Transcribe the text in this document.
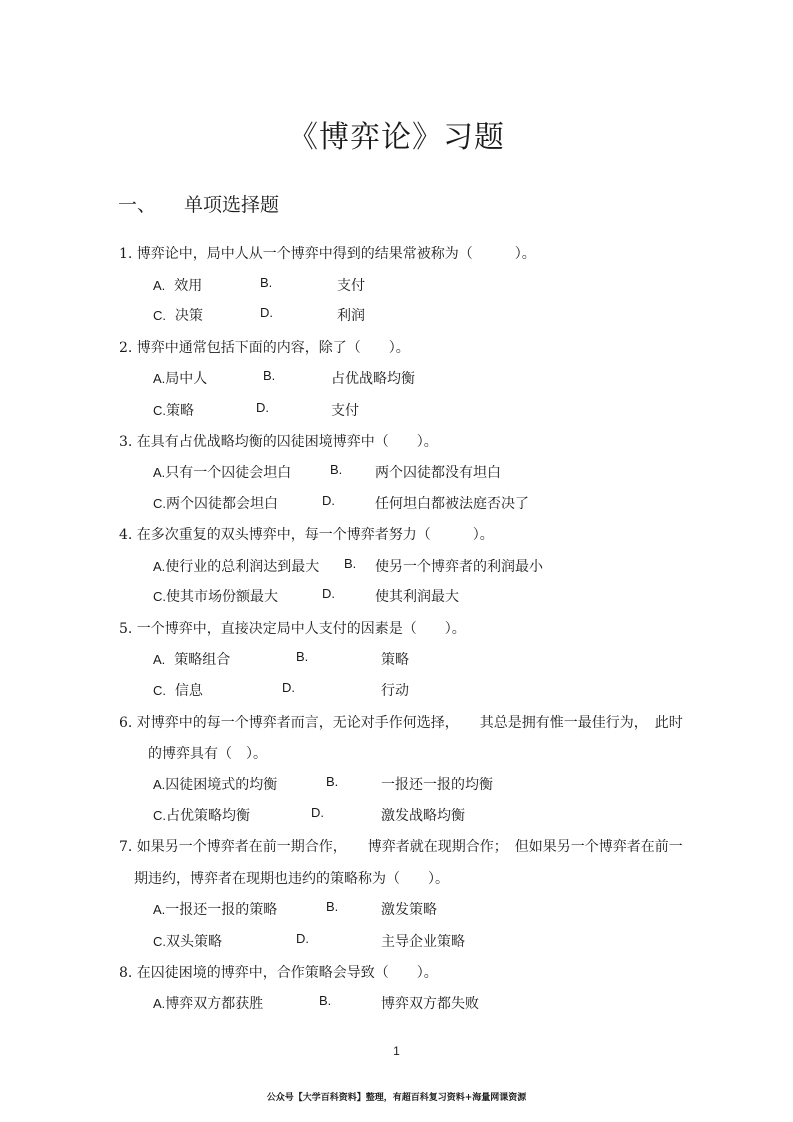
《博弈论》习题
一、 单项选择题
1. 博弈论中，局中人从一个博弈中得到的结果常被称为（　　　）。
A. 效用	B.	支付
C. 决策	D.	利润
2. 博弈中通常包括下面的内容，除了（　　）。
A.局中人	B.	占优战略均衡
C.策略	D.	支付
3. 在具有占优战略均衡的囚徒困境博弈中（　　）。
A.只有一个囚徒会坦白	B. 两个囚徒都没有坦白
C.两个囚徒都会坦白	D.	任何坦白都被法庭否决了
4. 在多次重复的双头博弈中，每一个博弈者努力（　　　）。
A.使行业的总利润达到最大 B. 使另一个博弈者的利润最小
C.使其市场份额最大	D.	使其利润最大
5. 一个博弈中，直接决定局中人支付的因素是（　　）。
A. 策略组合	B.	策略
C. 信息	D.	行动
6. 对博弈中的每一个博弈者而言，无论对手作何选择，　　其总是拥有惟一最佳行为，　此时
的博弈具有（　）。
A.囚徒困境式的均衡	B.	一报还一报的均衡
C.占优策略均衡	D.	激发战略均衡
7. 如果另一个博弈者在前一期合作，　　博弈者就在现期合作；　但如果另一个博弈者在前一
期违约，博弈者在现期也违约的策略称为（　　）。
A.一报还一报的策略	B.	激发策略
C.双头策略	D.	主导企业策略
8. 在囚徒困境的博弈中，合作策略会导致（　　）。
A.博弈双方都获胜	B.	博弈双方都失败
1
公众号【大学百科资料】整理，有超百科复习资料+海量网课资源
